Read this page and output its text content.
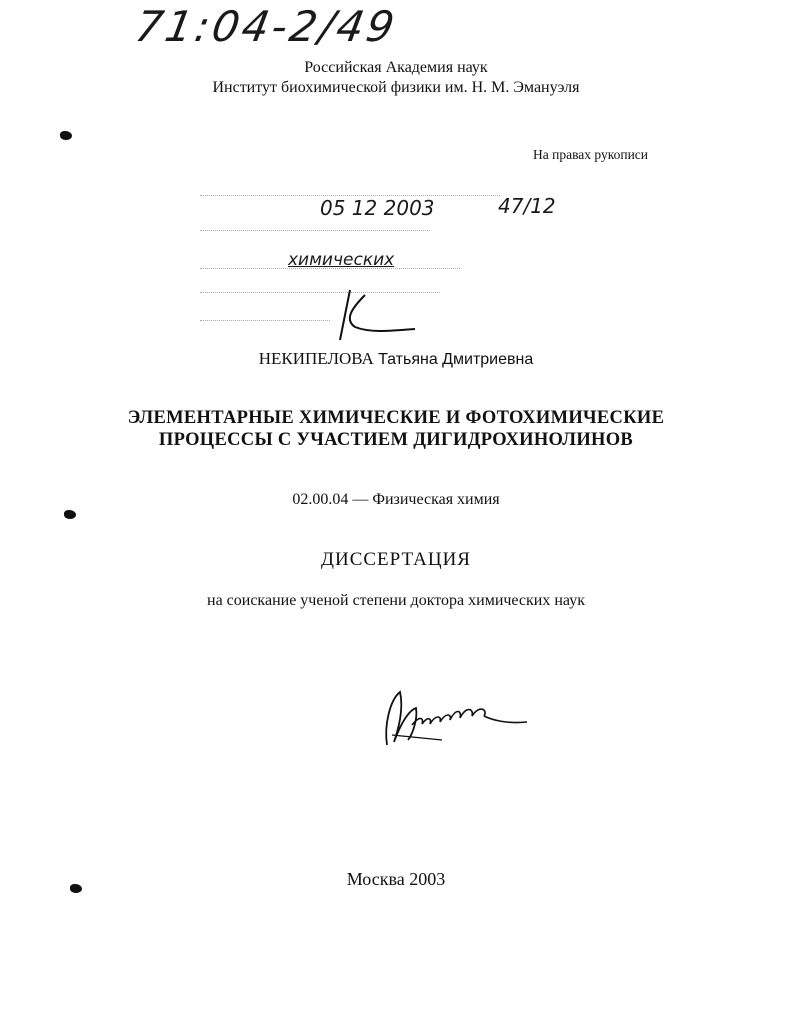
71:04-2/49
Российская Академия наук
Институт биохимической физики им. Н. М. Эмануэля
На правах рукописи
05 12 2003	47/12
химических
НЕКИПЕЛОВА Татьяна Дмитриевна
ЭЛЕМЕНТАРНЫЕ ХИМИЧЕСКИЕ И ФОТОХИМИЧЕСКИЕ
ПРОЦЕССЫ С УЧАСТИЕМ ДИГИДРОХИНОЛИНОВ
02.00.04 — Физическая химия
ДИССЕРТАЦИЯ
на соискание ученой степени доктора химических наук
Москва 2003
